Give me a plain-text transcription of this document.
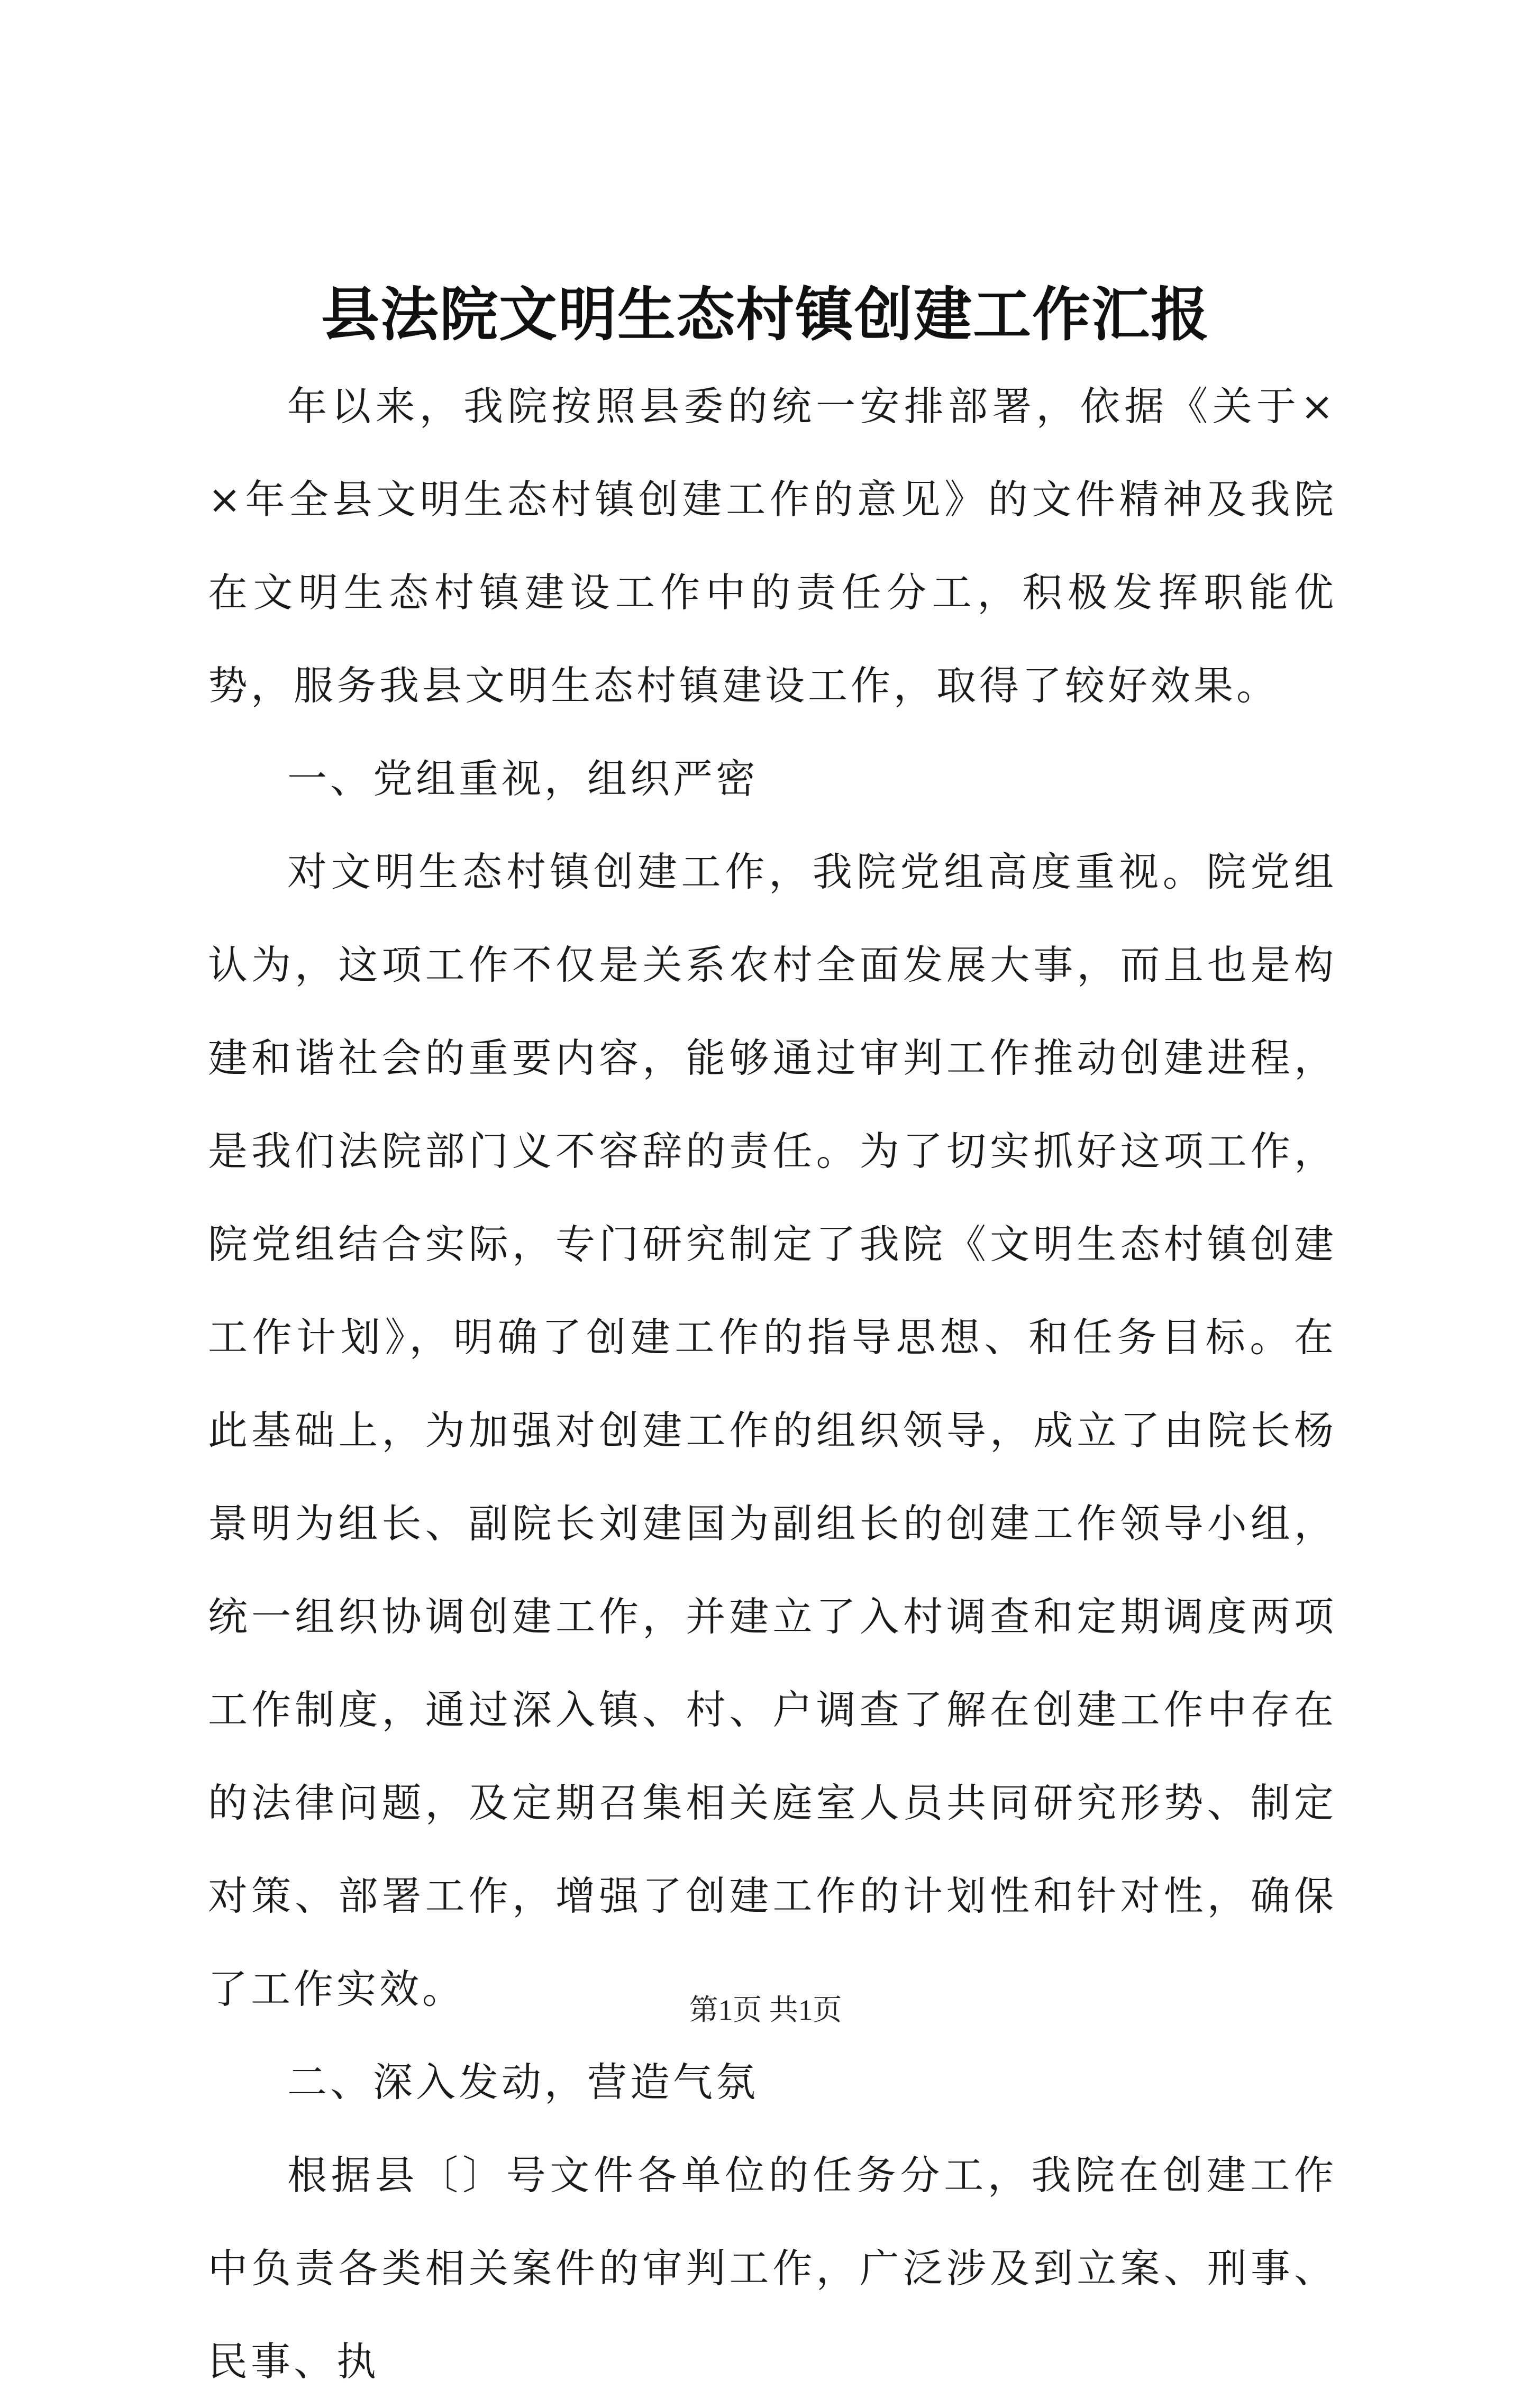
县法院文明生态村镇创建工作汇报

年以来，我院按照县委的统一安排部署，依据《关于××年全县文明生态村镇创建工作的意见》的文件精神及我院在文明生态村镇建设工作中的责任分工，积极发挥职能优势，服务我县文明生态村镇建设工作，取得了较好效果。

一、党组重视，组织严密

对文明生态村镇创建工作，我院党组高度重视。院党组认为，这项工作不仅是关系农村全面发展大事，而且也是构建和谐社会的重要内容，能够通过审判工作推动创建进程，是我们法院部门义不容辞的责任。为了切实抓好这项工作，院党组结合实际，专门研究制定了我院《文明生态村镇创建工作计划》，明确了创建工作的指导思想、和任务目标。在此基础上，为加强对创建工作的组织领导，成立了由院长杨景明为组长、副院长刘建国为副组长的创建工作领导小组，统一组织协调创建工作，并建立了入村调查和定期调度两项工作制度，通过深入镇、村、户调查了解在创建工作中存在的法律问题，及定期召集相关庭室人员共同研究形势、制定对策、部署工作，增强了创建工作的计划性和针对性，确保了工作实效。

二、深入发动，营造气氛

根据县〔〕号文件各单位的任务分工，我院在创建工作中负责各类相关案件的审判工作，广泛涉及到立案、刑事、民事、执

第1页 共1页
